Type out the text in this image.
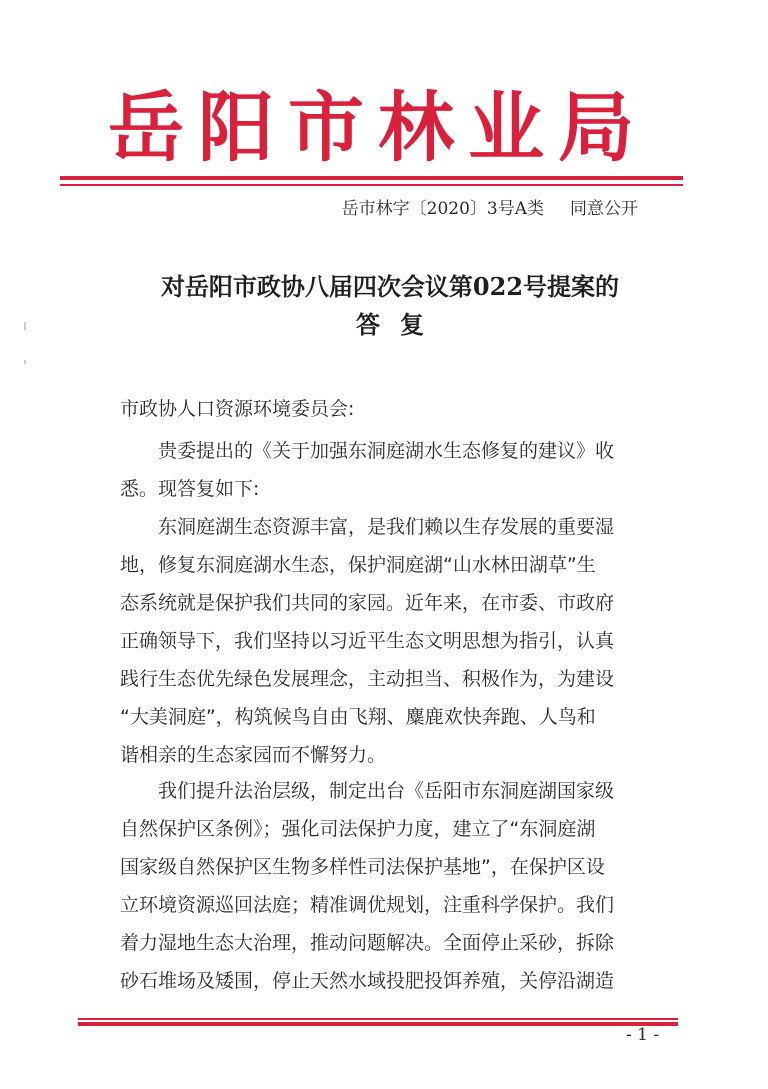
岳阳市林业局
岳市林字〔2020〕3号A类 同意公开
对岳阳市政协八届四次会议第022号提案的
答复
市政协人口资源环境委员会:
贵委提出的《关于加强东洞庭湖水生态修复的建议》收
悉。现答复如下:
东洞庭湖生态资源丰富，是我们赖以生存发展的重要湿
地，修复东洞庭湖水生态，保护洞庭湖“山水林田湖草”生
态系统就是保护我们共同的家园。近年来，在市委、市政府
正确领导下，我们坚持以习近平生态文明思想为指引，认真
践行生态优先绿色发展理念，主动担当、积极作为，为建设
“大美洞庭”，构筑候鸟自由飞翔、麋鹿欢快奔跑、人鸟和
谐相亲的生态家园而不懈努力。
我们提升法治层级，制定出台《岳阳市东洞庭湖国家级
自然保护区条例》；强化司法保护力度，建立了“东洞庭湖
国家级自然保护区生物多样性司法保护基地”，在保护区设
立环境资源巡回法庭；精准调优规划，注重科学保护。我们
着力湿地生态大治理，推动问题解决。全面停止采砂，拆除
砂石堆场及矮围，停止天然水域投肥投饵养殖，关停沿湖造
- 1 -
